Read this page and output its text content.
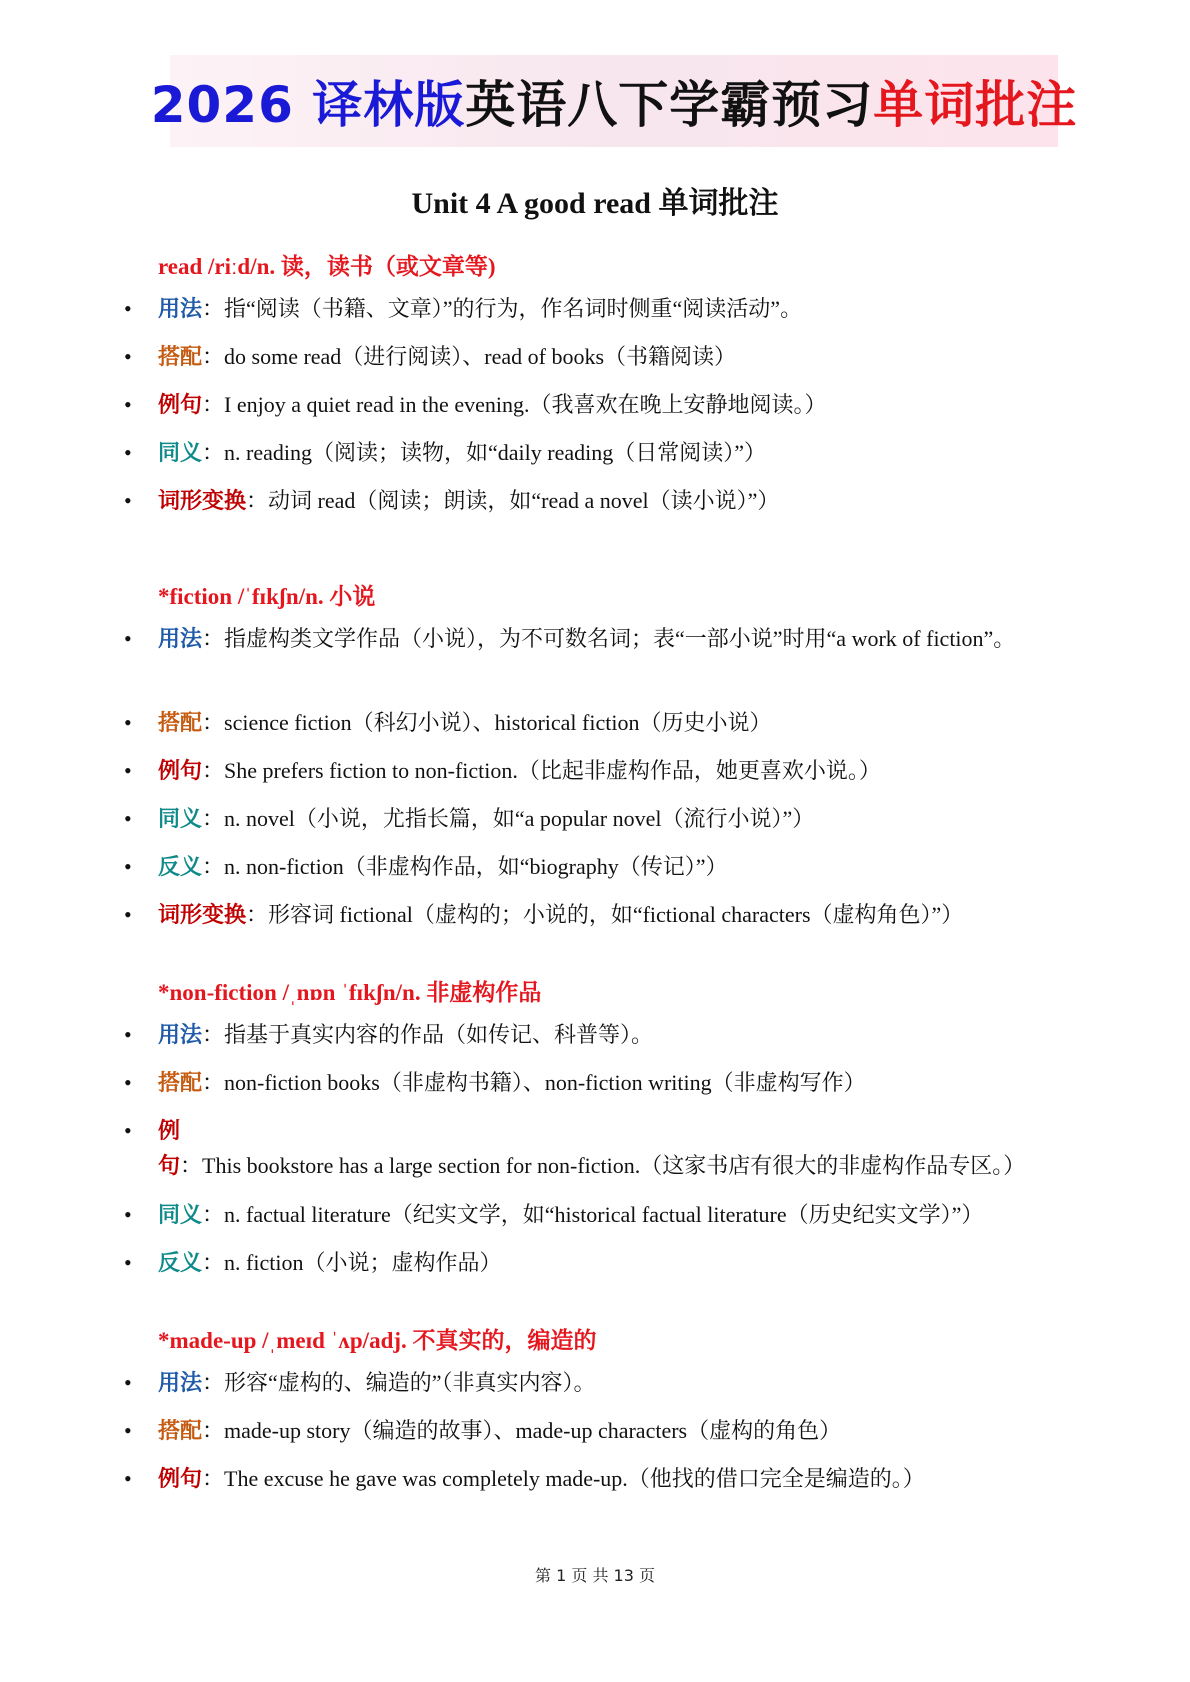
2026 译林版 英语八下学霸预习 单词批注
Unit 4 A good read 单词批注
read /riːd/n. 读，读书（或文章等)
• 用法：指“阅读（书籍、文章）”的行为，作名词时侧重“阅读活动”。
• 搭配：do some read（进行阅读）、read of books（书籍阅读）
• 例句：I enjoy a quiet read in the evening.（我喜欢在晚上安静地阅读。）
• 同义：n. reading（阅读；读物，如“daily reading（日常阅读）”）
• 词形变换：动词 read（阅读；朗读，如“read a novel（读小说）”）
*fiction /ˈfɪkʃn/n. 小说
• 用法：指虚构类文学作品（小说），为不可数名词；表“一部小说”时用“a work of fiction”。
• 搭配：science fiction（科幻小说）、historical fiction（历史小说）
• 例句：She prefers fiction to non-fiction.（比起非虚构作品，她更喜欢小说。）
• 同义：n. novel（小说，尤指长篇，如“a popular novel（流行小说）”）
• 反义：n. non-fiction（非虚构作品，如“biography（传记）”）
• 词形变换：形容词 fictional（虚构的；小说的，如“fictional characters（虚构角色）”）
*non-fiction /ˌnɒn ˈfɪkʃn/n. 非虚构作品
• 用法：指基于真实内容的作品（如传记、科普等）。
• 搭配：non-fiction books（非虚构书籍）、non-fiction writing（非虚构写作）
• 例句：This bookstore has a large section for non-fiction.（这家书店有很大的非虚构作品专区。）
• 同义：n. factual literature（纪实文学，如“historical factual literature（历史纪实文学）”）
• 反义：n. fiction（小说；虚构作品）
*made-up /ˌmeɪd ˈʌp/adj. 不真实的，编造的
• 用法：形容“虚构的、编造的”（非真实内容）。
• 搭配：made-up story（编造的故事）、made-up characters（虚构的角色）
• 例句：The excuse he gave was completely made-up.（他找的借口完全是编造的。）
第 1 页 共 13 页
